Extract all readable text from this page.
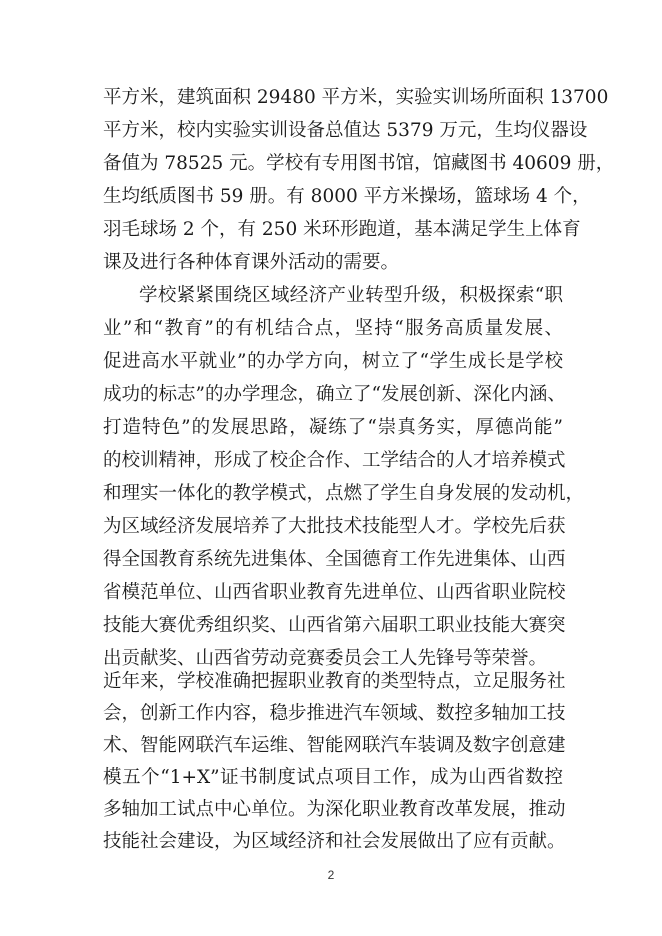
平方米，建筑面积 29480 平方米，实验实训场所面积 13700
平方米，校内实验实训设备总值达 5379 万元，生均仪器设
备值为 78525 元。学校有专用图书馆，馆藏图书 40609 册，
生均纸质图书 59 册。有 8000 平方米操场，篮球场 4 个，
羽毛球场 2 个，有 250 米环形跑道，基本满足学生上体育
课及进行各种体育课外活动的需要。
学校紧紧围绕区域经济产业转型升级，积极探索“职
业”和“教育”的有机结合点，坚持“服务高质量发展、
促进高水平就业”的办学方向，树立了“学生成长是学校
成功的标志”的办学理念，确立了“发展创新、深化内涵、
打造特色”的发展思路，凝练了“崇真务实，厚德尚能”
的校训精神，形成了校企合作、工学结合的人才培养模式
和理实一体化的教学模式，点燃了学生自身发展的发动机，
为区域经济发展培养了大批技术技能型人才。学校先后获
得全国教育系统先进集体、全国德育工作先进集体、山西
省模范单位、山西省职业教育先进单位、山西省职业院校
技能大赛优秀组织奖、山西省第六届职工职业技能大赛突
出贡献奖、山西省劳动竞赛委员会工人先锋号等荣誉。
近年来，学校准确把握职业教育的类型特点，立足服务社
会，创新工作内容，稳步推进汽车领域、数控多轴加工技
术、智能网联汽车运维、智能网联汽车装调及数字创意建
模五个“1+X”证书制度试点项目工作，成为山西省数控
多轴加工试点中心单位。为深化职业教育改革发展，推动
2
技能社会建设，为区域经济和社会发展做出了应有贡献。
